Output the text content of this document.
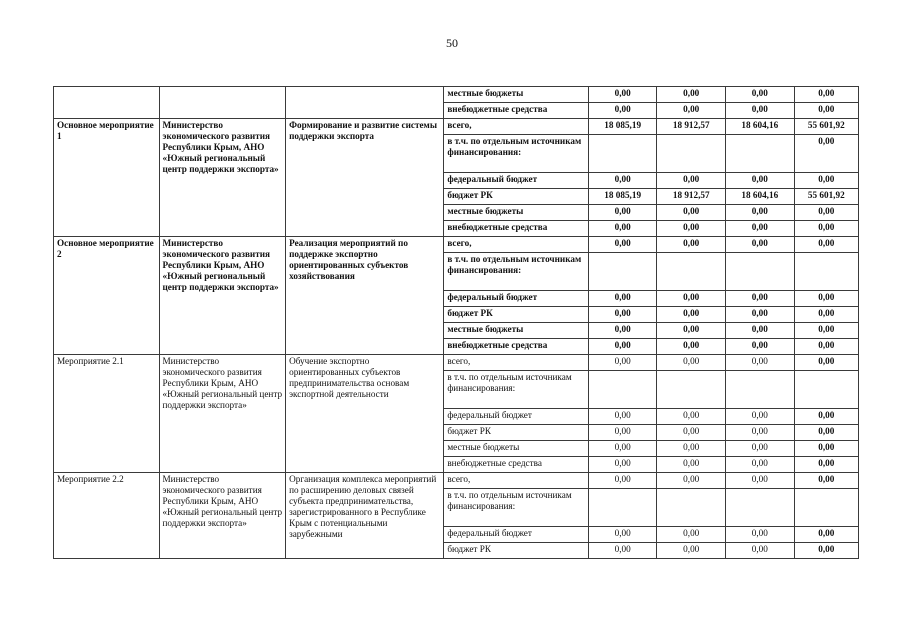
50
			местные бюджеты	0,00	0,00	0,00	0,00
			внебюджетные средства	0,00	0,00	0,00	0,00
Основное мероприятие 1	Министерство экономического развития Республики Крым, АНО «Южный региональный центр поддержки экспорта»	Формирование и развитие системы поддержки экспорта	всего,	18 085,19	18 912,57	18 604,16	55 601,92
			в т.ч. по отдельным источникам финансирования:				0,00
			федеральный бюджет	0,00	0,00	0,00	0,00
			бюджет РК	18 085,19	18 912,57	18 604,16	55 601,92
			местные бюджеты	0,00	0,00	0,00	0,00
			внебюджетные средства	0,00	0,00	0,00	0,00
Основное мероприятие 2	Министерство экономического развития Республики Крым, АНО «Южный региональный центр поддержки экспорта»	Реализация мероприятий по поддержке экспортно ориентированных субъектов хозяйствования	всего,	0,00	0,00	0,00	0,00
			в т.ч. по отдельным источникам финансирования:				
			федеральный бюджет	0,00	0,00	0,00	0,00
			бюджет РК	0,00	0,00	0,00	0,00
			местные бюджеты	0,00	0,00	0,00	0,00
			внебюджетные средства	0,00	0,00	0,00	0,00
Мероприятие 2.1	Министерство экономического развития Республики Крым, АНО «Южный региональный центр поддержки экспорта»	Обучение экспортно ориентированных субъектов предпринимательства основам экспортной деятельности	всего,	0,00	0,00	0,00	0,00
			в т.ч. по отдельным источникам финансирования:				
			федеральный бюджет	0,00	0,00	0,00	0,00
			бюджет РК	0,00	0,00	0,00	0,00
			местные бюджеты	0,00	0,00	0,00	0,00
			внебюджетные средства	0,00	0,00	0,00	0,00
Мероприятие 2.2	Министерство экономического развития Республики Крым, АНО «Южный региональный центр поддержки экспорта»	Организация комплекса мероприятий по расширению деловых связей субъекта предпринимательства, зарегистрированного в Республике Крым с потенциальными зарубежными	всего,	0,00	0,00	0,00	0,00
			в т.ч. по отдельным источникам финансирования:				
			федеральный бюджет	0,00	0,00	0,00	0,00
			бюджет РК	0,00	0,00	0,00	0,00
